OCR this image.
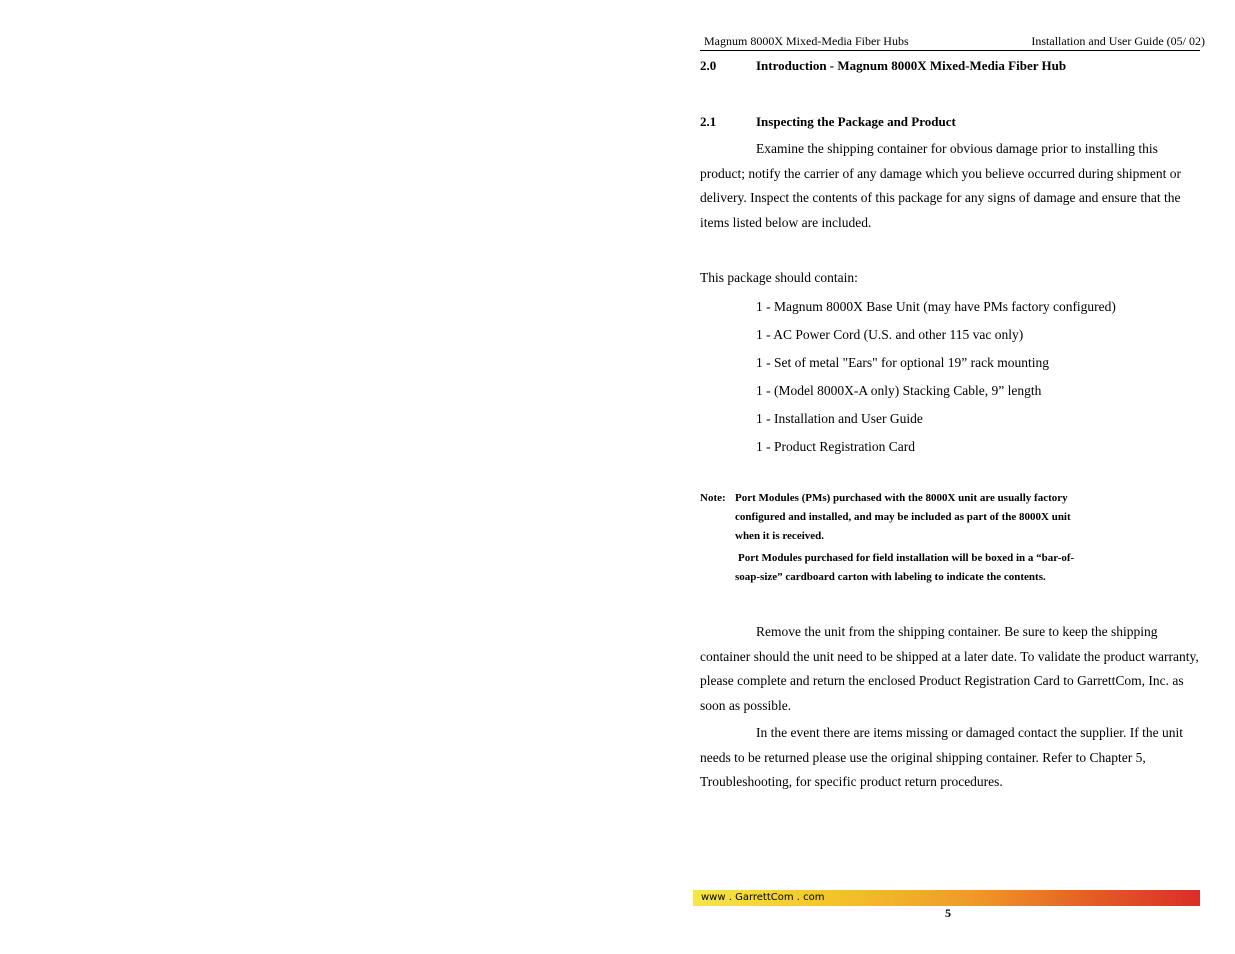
Magnum 8000X Mixed-Media Fiber Hubs	Installation and User Guide (05/ 02)
2.0	Introduction - Magnum 8000X Mixed-Media Fiber Hub
2.1	Inspecting the Package and Product
Examine the shipping container for obvious damage prior to installing this product; notify the carrier of any damage which you believe occurred during shipment or delivery. Inspect the contents of this package for any signs of damage and ensure that the items listed below are included.
This package should contain:
1 - Magnum 8000X Base Unit (may have PMs factory configured)
1 - AC Power Cord (U.S. and other 115 vac only)
1 - Set of metal "Ears" for optional 19” rack mounting
1 - (Model 8000X-A only) Stacking Cable, 9” length
1 - Installation and User Guide
1 - Product Registration Card
Note: Port Modules (PMs) purchased with the 8000X unit are usually factory
configured and installed, and may be included as part of the 8000X unit
when it is received.
Port Modules purchased for field installation will be boxed in a “bar-of-
soap-size” cardboard carton with labeling to indicate the contents.
Remove the unit from the shipping container. Be sure to keep the shipping container should the unit need to be shipped at a later date. To validate the product warranty, please complete and return the enclosed Product Registration Card to GarrettCom, Inc. as soon as possible.
In the event there are items missing or damaged contact the supplier. If the unit needs to be returned please use the original shipping container. Refer to Chapter 5, Troubleshooting, for specific product return procedures.
www . GarrettCom . com
5
